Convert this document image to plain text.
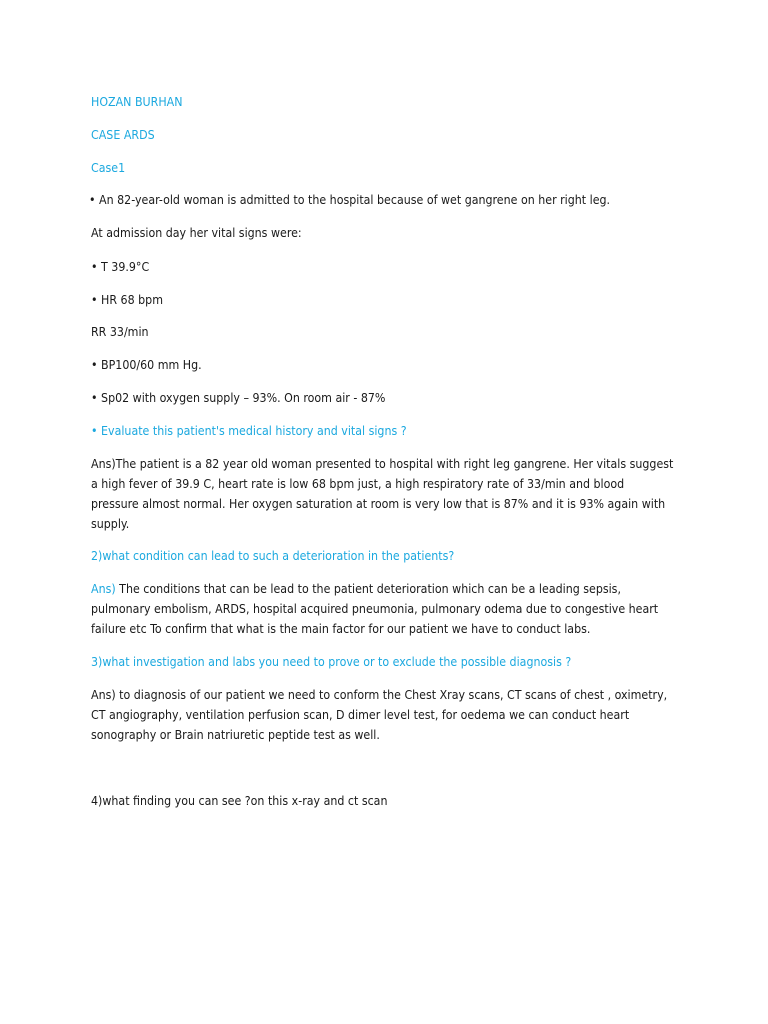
HOZAN BURHAN
CASE ARDS
Case1
• An 82-year-old woman is admitted to the hospital because of wet gangrene on her right leg.
At admission day her vital signs were:
• T 39.9°C
• HR 68 bpm
RR 33/min
• BP100/60 mm Hg.
• Sp02 with oxygen supply – 93%. On room air - 87%
• Evaluate this patient's medical history and vital signs ?
Ans)The patient is a 82 year old woman presented to hospital with right leg gangrene. Her vitals suggest
a high fever of 39.9 C, heart rate is low 68 bpm just, a high respiratory rate of 33/min and blood
pressure almost normal. Her oxygen saturation at room is very low that is 87% and it is 93% again with
supply.
2)what condition can lead to such a deterioration in the patients?
Ans) The conditions that can be lead to the patient deterioration which can be a leading sepsis,
pulmonary embolism, ARDS, hospital acquired pneumonia, pulmonary odema due to congestive heart
failure etc To confirm that what is the main factor for our patient we have to conduct labs.
3)what investigation and labs you need to prove or to exclude the possible diagnosis ?
Ans) to diagnosis of our patient we need to conform the Chest Xray scans, CT scans of chest , oximetry,
CT angiography, ventilation perfusion scan, D dimer level test, for oedema we can conduct heart
sonography or Brain natriuretic peptide test as well.
4)what finding you can see ?on this x-ray and ct scan
